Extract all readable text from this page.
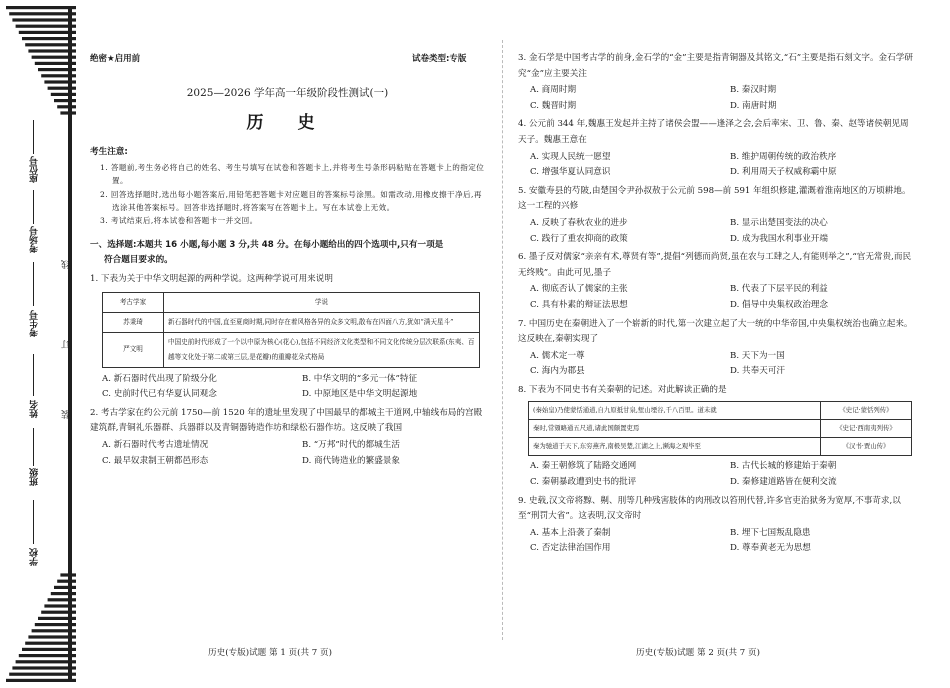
座位号
考场号
考生号
姓名
班级
学校
线
订
装
绝密★启用前	试卷类型:专版
2025—2026 学年高一年级阶段性测试(一)
历 史
考生注意:

1. 答题前,考生务必将自己的姓名、考生号填写在试卷和答题卡上,并将考生号条形码粘贴在答题卡上的指定位置。

2. 回答选择题时,选出每小题答案后,用铅笔把答题卡对应题目的答案标号涂黑。如需改动,用橡皮擦干净后,再选涂其他答案标号。回答非选择题时,将答案写在答题卡上。写在本试卷上无效。

3. 考试结束后,将本试卷和答题卡一并交回。

一、选择题:本题共 16 小题,每小题 3 分,共 48 分。在每小题给出的四个选项中,只有一项是
符合题目要求的。

1. 下表为关于中华文明起源的两种学说。这两种学说可用来说明

考古学家	学说
苏秉琦	新石器时代的中国,直至夏商时期,同时存在着风格各异的众多文明,散布在四面八方,犹如“满天星斗”
严文明	中国史前时代形成了一个以中原为核心(花心),包括不同经济文化类型和不同文化传统分层次联系(东夷、百越等文化处于第二或第三层,是花瓣)的重瓣花朵式格局
A. 新石器时代出现了阶级分化	B. 中华文明的“多元一体”特征
C. 史前时代已有华夏认同观念	D. 中原地区是中华文明起源地

2. 考古学家在约公元前 1750—前 1520 年的遗址里发现了中国最早的都城主干道网,中轴线布局的宫殿建筑群,青铜礼乐器群、兵器群以及青铜器铸造作坊和绿松石器作坊。这反映了我国

A. 新石器时代考古遗址情况	B. “万邦”时代的都城生活
C. 最早奴隶制王朝都邑形态	D. 商代铸造业的繁盛景象

3. 金石学是中国考古学的前身,金石学的“金”主要是指青铜器及其铭文,“石”主要是指石刻文字。金石学研究“金”应主要关注

A. 商周时期	B. 秦汉时期
C. 魏晋时期	D. 南唐时期

4. 公元前 344 年,魏惠王发起并主持了诸侯会盟——逢泽之会,会后率宋、卫、鲁、秦、赵等诸侯朝见周天子。魏惠王意在

A. 实现人民统一愿望	B. 维护周朝传统的政治秩序
C. 增强华夏认同意识	D. 利用周天子权威称霸中原

5. 安徽寿县的芍陂,由楚国令尹孙叔敖于公元前 598—前 591 年组织修建,灌溉着淮南地区的万顷耕地。这一工程的兴修

A. 反映了春秋农业的进步	B. 显示出楚国变法的决心
C. 践行了重农抑商的政策	D. 成为我国水利事业开端

6. 墨子反对儒家“亲亲有术,尊贤有等”,提倡“列德而尚贤,虽在农与工肆之人,有能则举之”,“官无常贵,而民无终贱”。由此可见,墨子

A. 彻底否认了儒家的主张	B. 代表了下层平民的利益
C. 具有朴素的辩证法思想	D. 倡导中央集权政治理念

7. 中国历史在秦朝进入了一个崭新的时代,第一次建立起了大一统的中华帝国,中央集权统治也确立起来。这反映在,秦朝实现了

A. 儒术定一尊	B. 天下为一国
C. 海内为郡县	D. 共奉天可汗

8. 下表为不同史书有关秦朝的记述。对此解读正确的是

(秦始皇)乃使蒙恬通道,自九原抵甘泉,堑山堙谷,千八百里。道未就	《史记·蒙恬列传》
秦时,常頞略通五尺道,诸此国颇置吏焉	《史记·西南夷列传》
秦为驰道于天下,东穷燕齐,南极吴楚,江湖之上,濒海之观毕至	《汉书·贾山传》
A. 秦王朝修筑了陆路交通网	B. 古代长城的修建始于秦朝
C. 秦朝暴政遭到史书的批评	D. 秦修建道路皆在便利交流

9. 史载,汉文帝将黥、劓、刖等几种残害肢体的肉刑改以笞刑代替,许多官吏治狱务为宽厚,不事苛求,以至“刑罚大省”。这表明,汉文帝时

A. 基本上沿袭了秦制	B. 埋下七国叛乱隐患
C. 否定法律治国作用	D. 尊奉黄老无为思想
历史(专版)试题 第 1 页(共 7 页)	历史(专版)试题 第 2 页(共 7 页)
